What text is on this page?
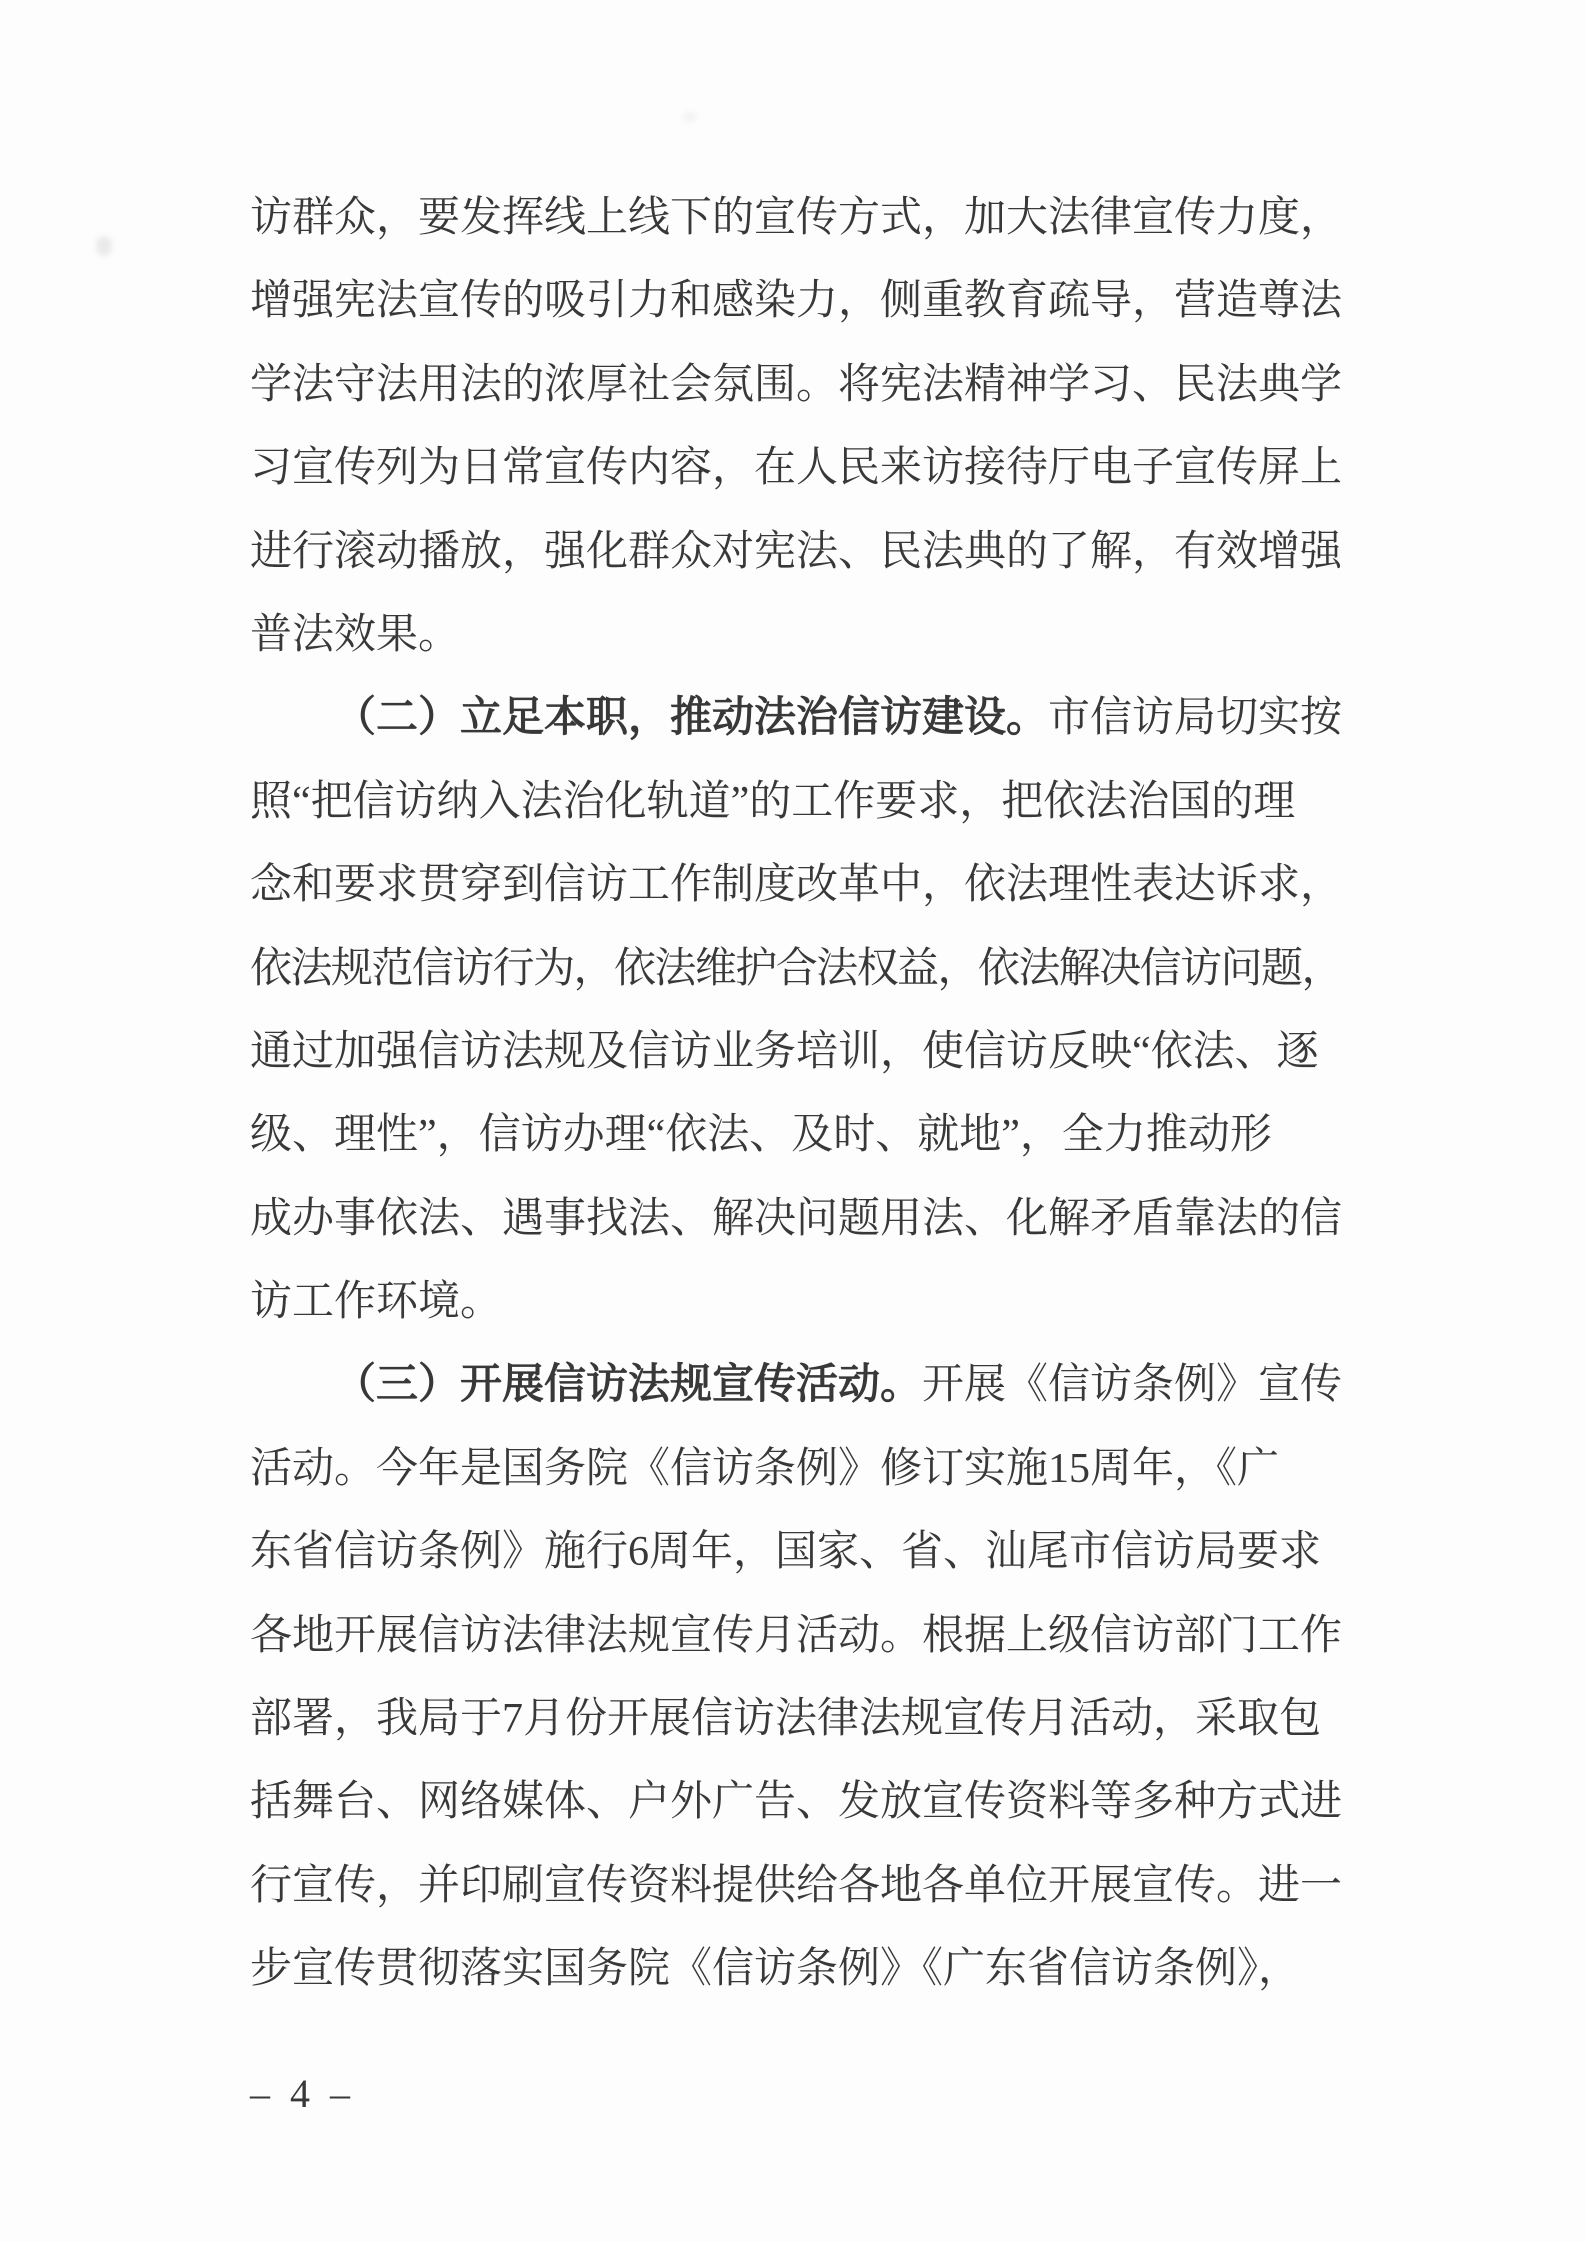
访群众，要发挥线上线下的宣传方式，加大法律宣传力度，
增强宪法宣传的吸引力和感染力，侧重教育疏导，营造尊法
学法守法用法的浓厚社会氛围。将宪法精神学习、民法典学
习宣传列为日常宣传内容，在人民来访接待厅电子宣传屏上
进行滚动播放，强化群众对宪法、民法典的了解，有效增强
普法效果。
（二）立足本职，推动法治信访建设。市信访局切实按
照“把信访纳入法治化轨道”的工作要求，把依法治国的理
念和要求贯穿到信访工作制度改革中，依法理性表达诉求，
依法规范信访行为，依法维护合法权益，依法解决信访问题，
通过加强信访法规及信访业务培训，使信访反映“依法、逐
级、理性”，信访办理“依法、及时、就地”，全力推动形
成办事依法、遇事找法、解决问题用法、化解矛盾靠法的信
访工作环境。
（三）开展信访法规宣传活动。开展《信访条例》宣传
活动。今年是国务院《信访条例》修订实施15周年，《广
东省信访条例》施行6周年，国家、省、汕尾市信访局要求
各地开展信访法律法规宣传月活动。根据上级信访部门工作
部署，我局于7月份开展信访法律法规宣传月活动，采取包
括舞台、网络媒体、户外广告、发放宣传资料等多种方式进
行宣传，并印刷宣传资料提供给各地各单位开展宣传。进一
步宣传贯彻落实国务院《信访条例》《广东省信访条例》，
– 4 –
